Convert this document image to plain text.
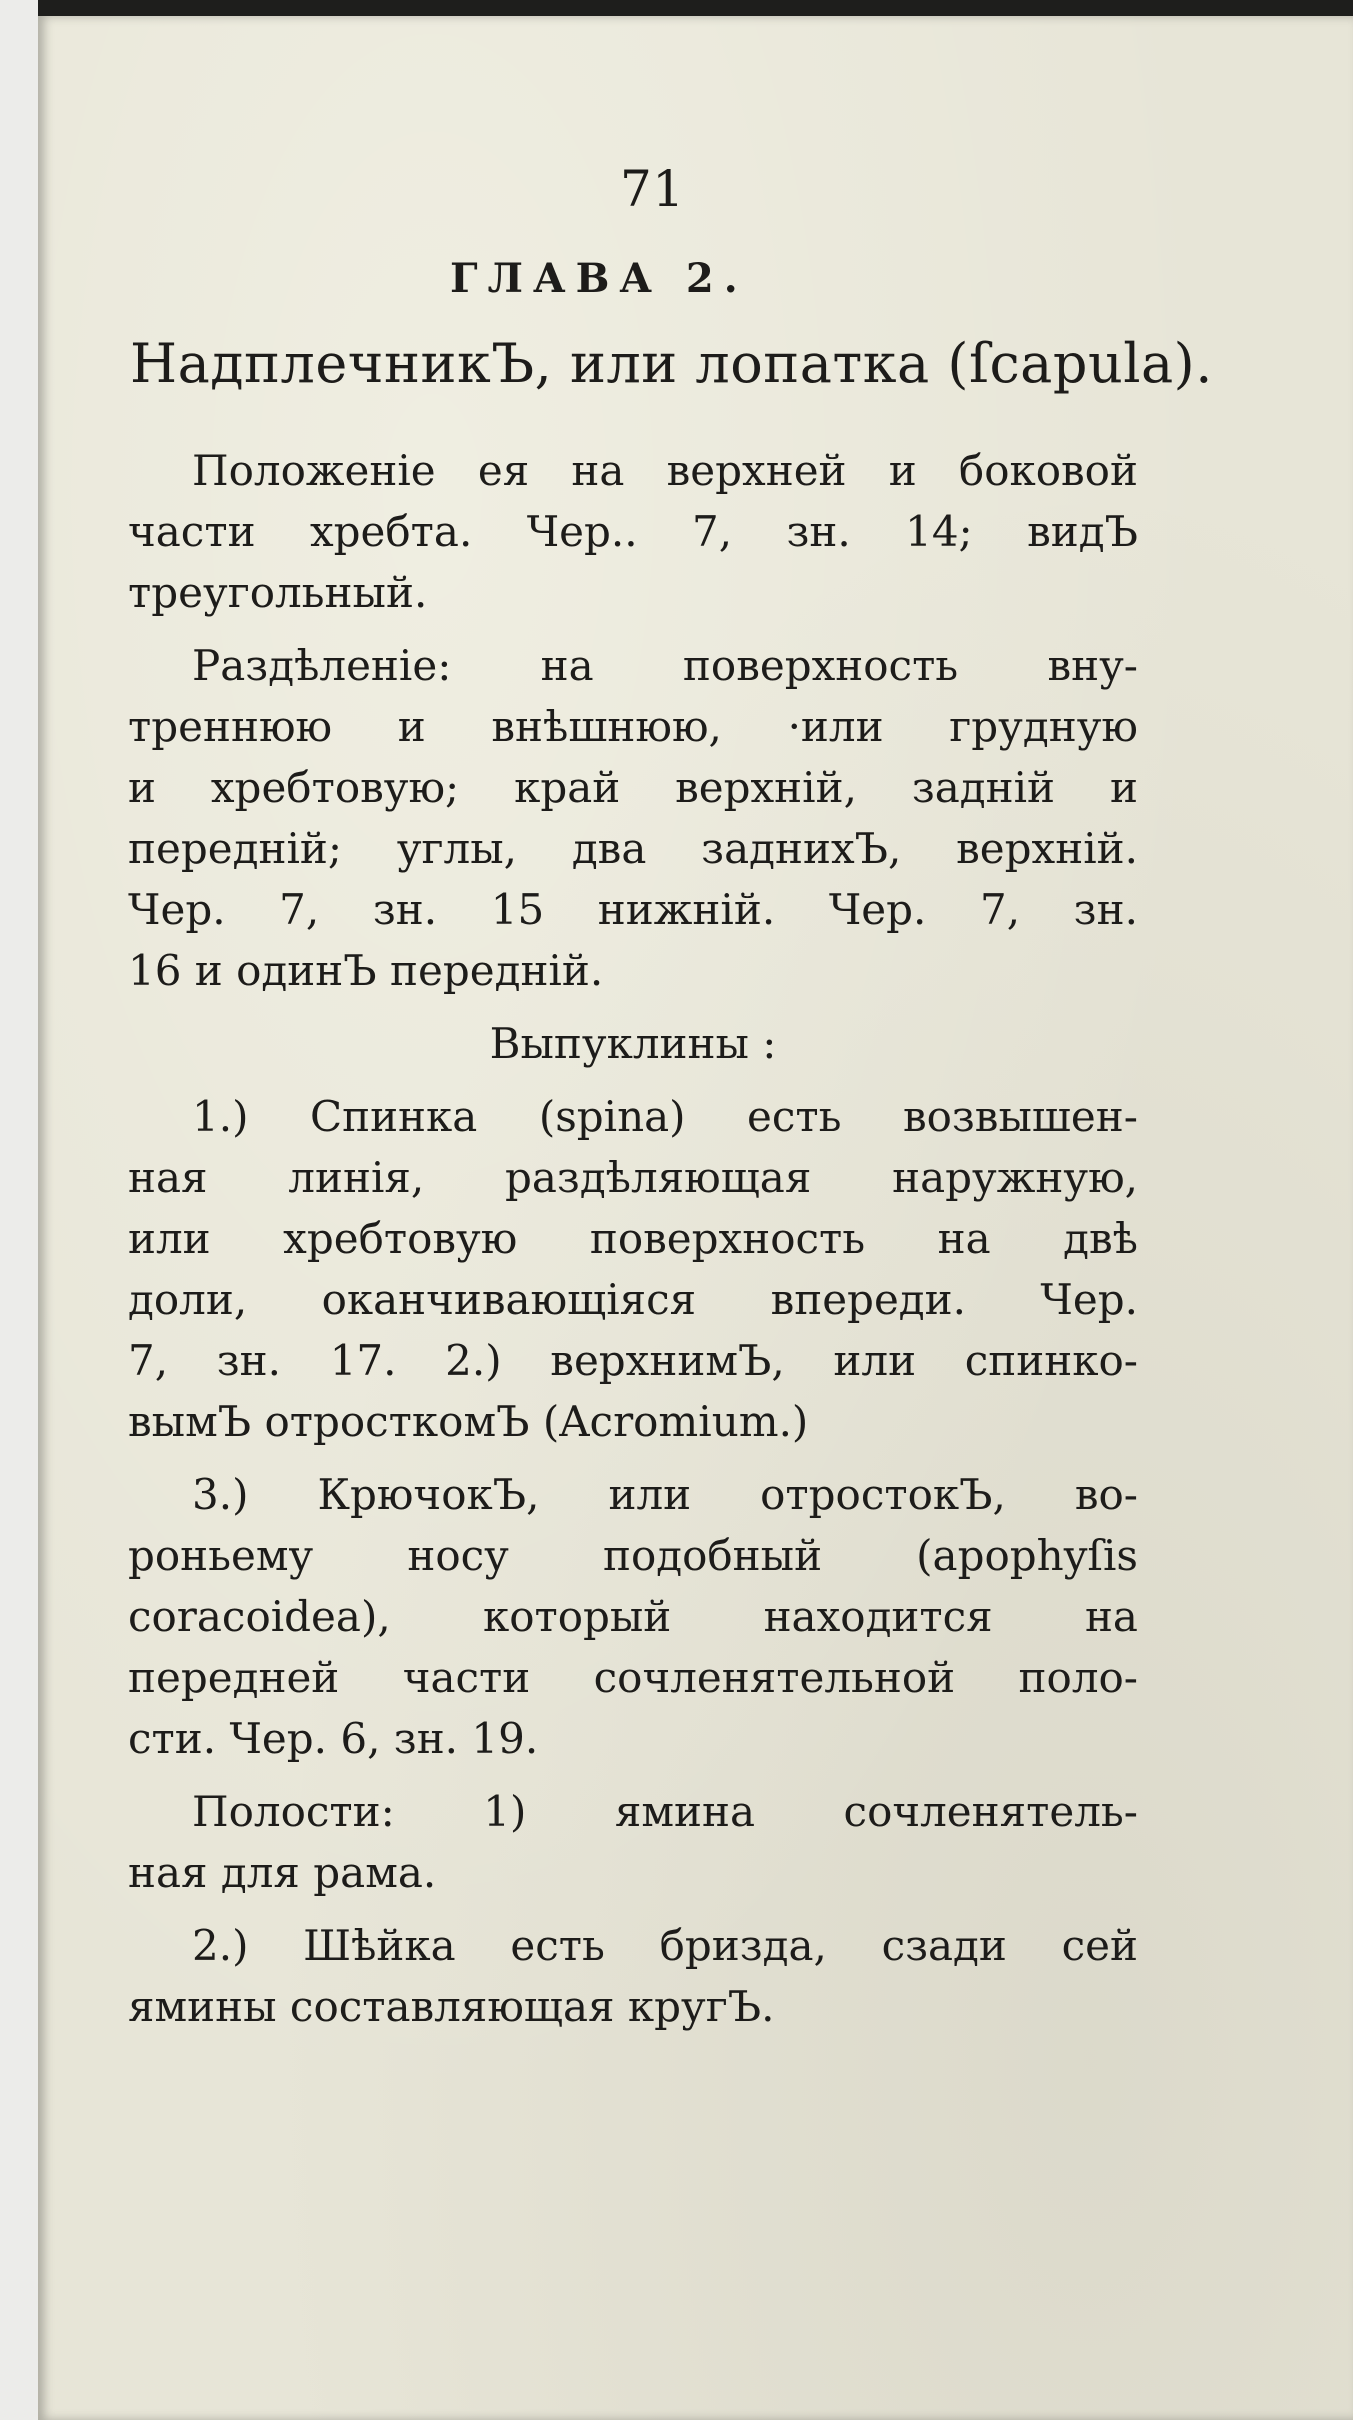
71
ГЛАВА 2.
НадплечникЪ, или лопатка (ſcapula).
Положеніе ея на верхней и боковой
части хребта. Чер.. 7, зн. 14; видЪ
треугольный.
Раздѣленіе: на поверхность вну-
треннюю и внѣшнюю, ·или грудную
и хребтовую; край верхній, задній и
передній; углы, два заднихЪ, верхній.
Чер. 7, зн. 15 нижній. Чер. 7, зн.
16 и одинЪ передній.
Выпуклины :
1.) Спинка (spina) есть возвышен-
ная линія, раздѣляющая наружную,
или хребтовую поверхность на двѣ
доли, оканчивающіяся впереди. Чер.
7, зн. 17. 2.) верхнимЪ, или спинко-
вымЪ отросткомЪ (Acromium.)
3.) КрючокЪ, или отростокЪ, во-
роньему носу подобный (apophyſis
coracoidea), который находится на
передней части сочленятельной поло-
сти. Чер. 6, зн. 19.
Полости: 1) ямина сочленятель-
ная для рама.
2.) Шѣйка есть бризда, сзади сей
ямины составляющая кругЪ.
